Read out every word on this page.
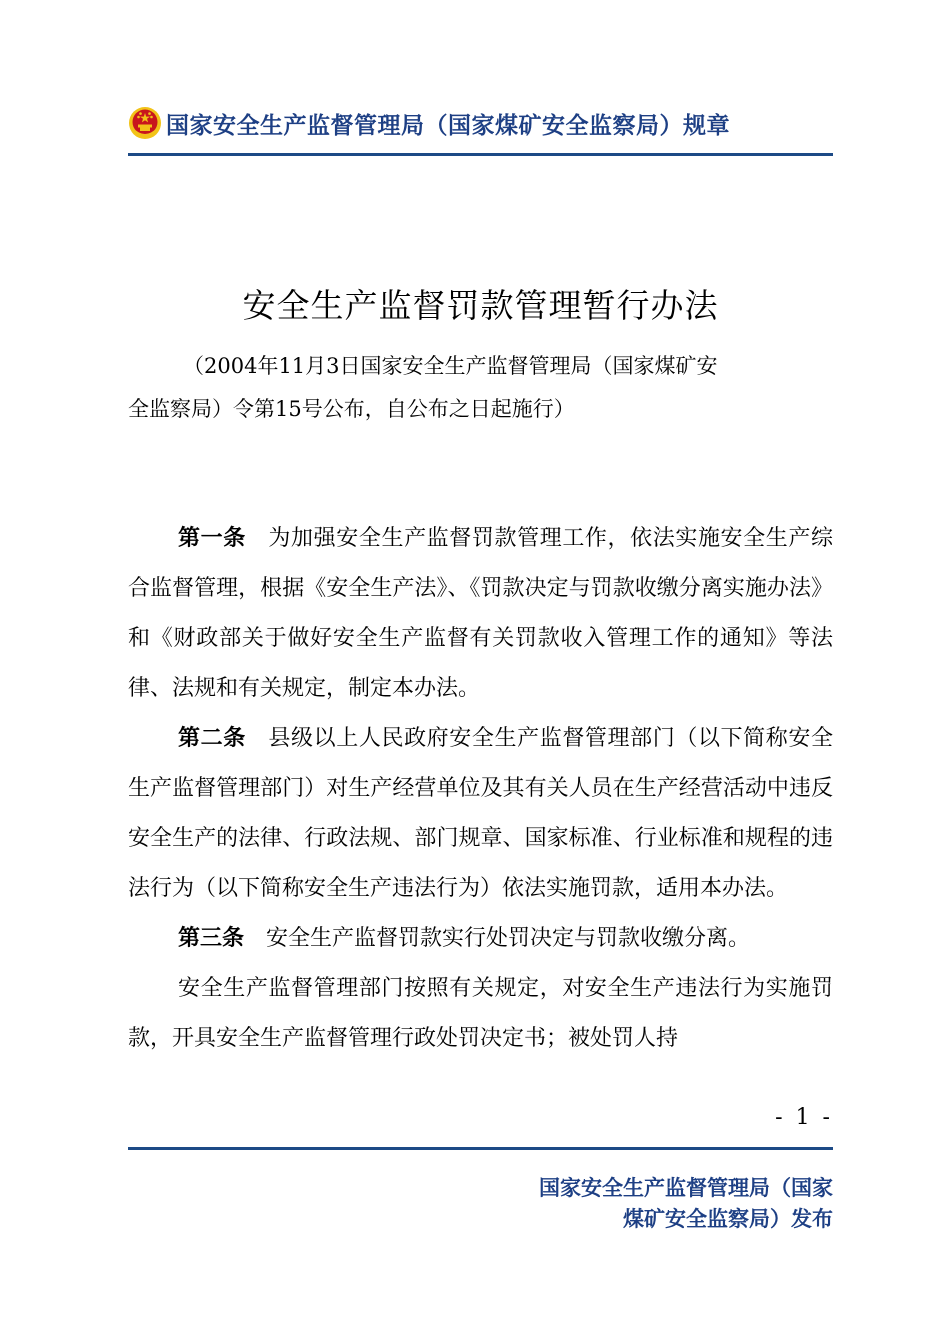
国家安全生产监督管理局（国家煤矿安全监察局）规章
安全生产监督罚款管理暂行办法
（2004年11月3日国家安全生产监督管理局（国家煤矿安
全监察局）令第15号公布，自公布之日起施行）

第一条  为加强安全生产监督罚款管理工作，依法实施安全生产综合监督管理，根据《安全生产法》、《罚款决定与罚款收缴分离实施办法》和《财政部关于做好安全生产监督有关罚款收入管理工作的通知》等法律、法规和有关规定，制定本办法。

第二条  县级以上人民政府安全生产监督管理部门（以下简称安全生产监督管理部门）对生产经营单位及其有关人员在生产经营活动中违反安全生产的法律、行政法规、部门规章、国家标准、行业标准和规程的违法行为（以下简称安全生产违法行为）依法实施罚款，适用本办法。

第三条  安全生产监督罚款实行处罚决定与罚款收缴分离。

安全生产监督管理部门按照有关规定，对安全生产违法行为实施罚款，开具安全生产监督管理行政处罚决定书；被处罚人持

- 1 -
国家安全生产监督管理局（国家
煤矿安全监察局）发布
